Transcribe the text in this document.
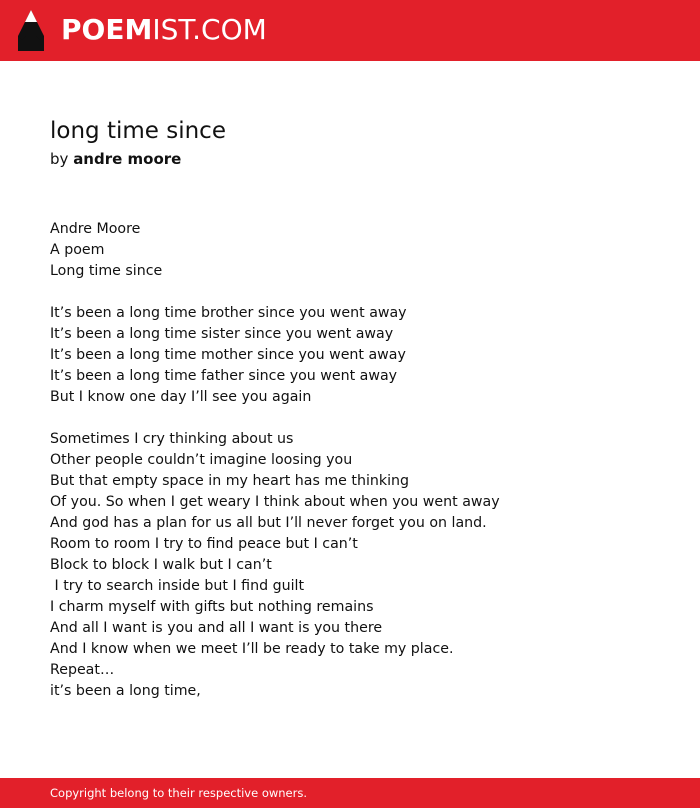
POEMIST.COM
long time since
by andre moore
Andre Moore
A poem
Long time since
It’s been a long time brother since you went away
It’s been a long time sister since you went away
It’s been a long time mother since you went away
It’s been a long time father since you went away
But I know one day I’ll see you again
Sometimes I cry thinking about us
Other people couldn’t imagine loosing you
But that empty space in my heart has me thinking
Of you. So when I get weary I think about when you went away
And god has a plan for us all but I’ll never forget you on land.
Room to room I try to find peace but I can’t
Block to block I walk but I can’t
I try to search inside but I find guilt
I charm myself with gifts but nothing remains
And all I want is you and all I want is you there
And I know when we meet I’ll be ready to take my place.
Repeat…
it’s been a long time,
Copyright belong to their respective owners.
